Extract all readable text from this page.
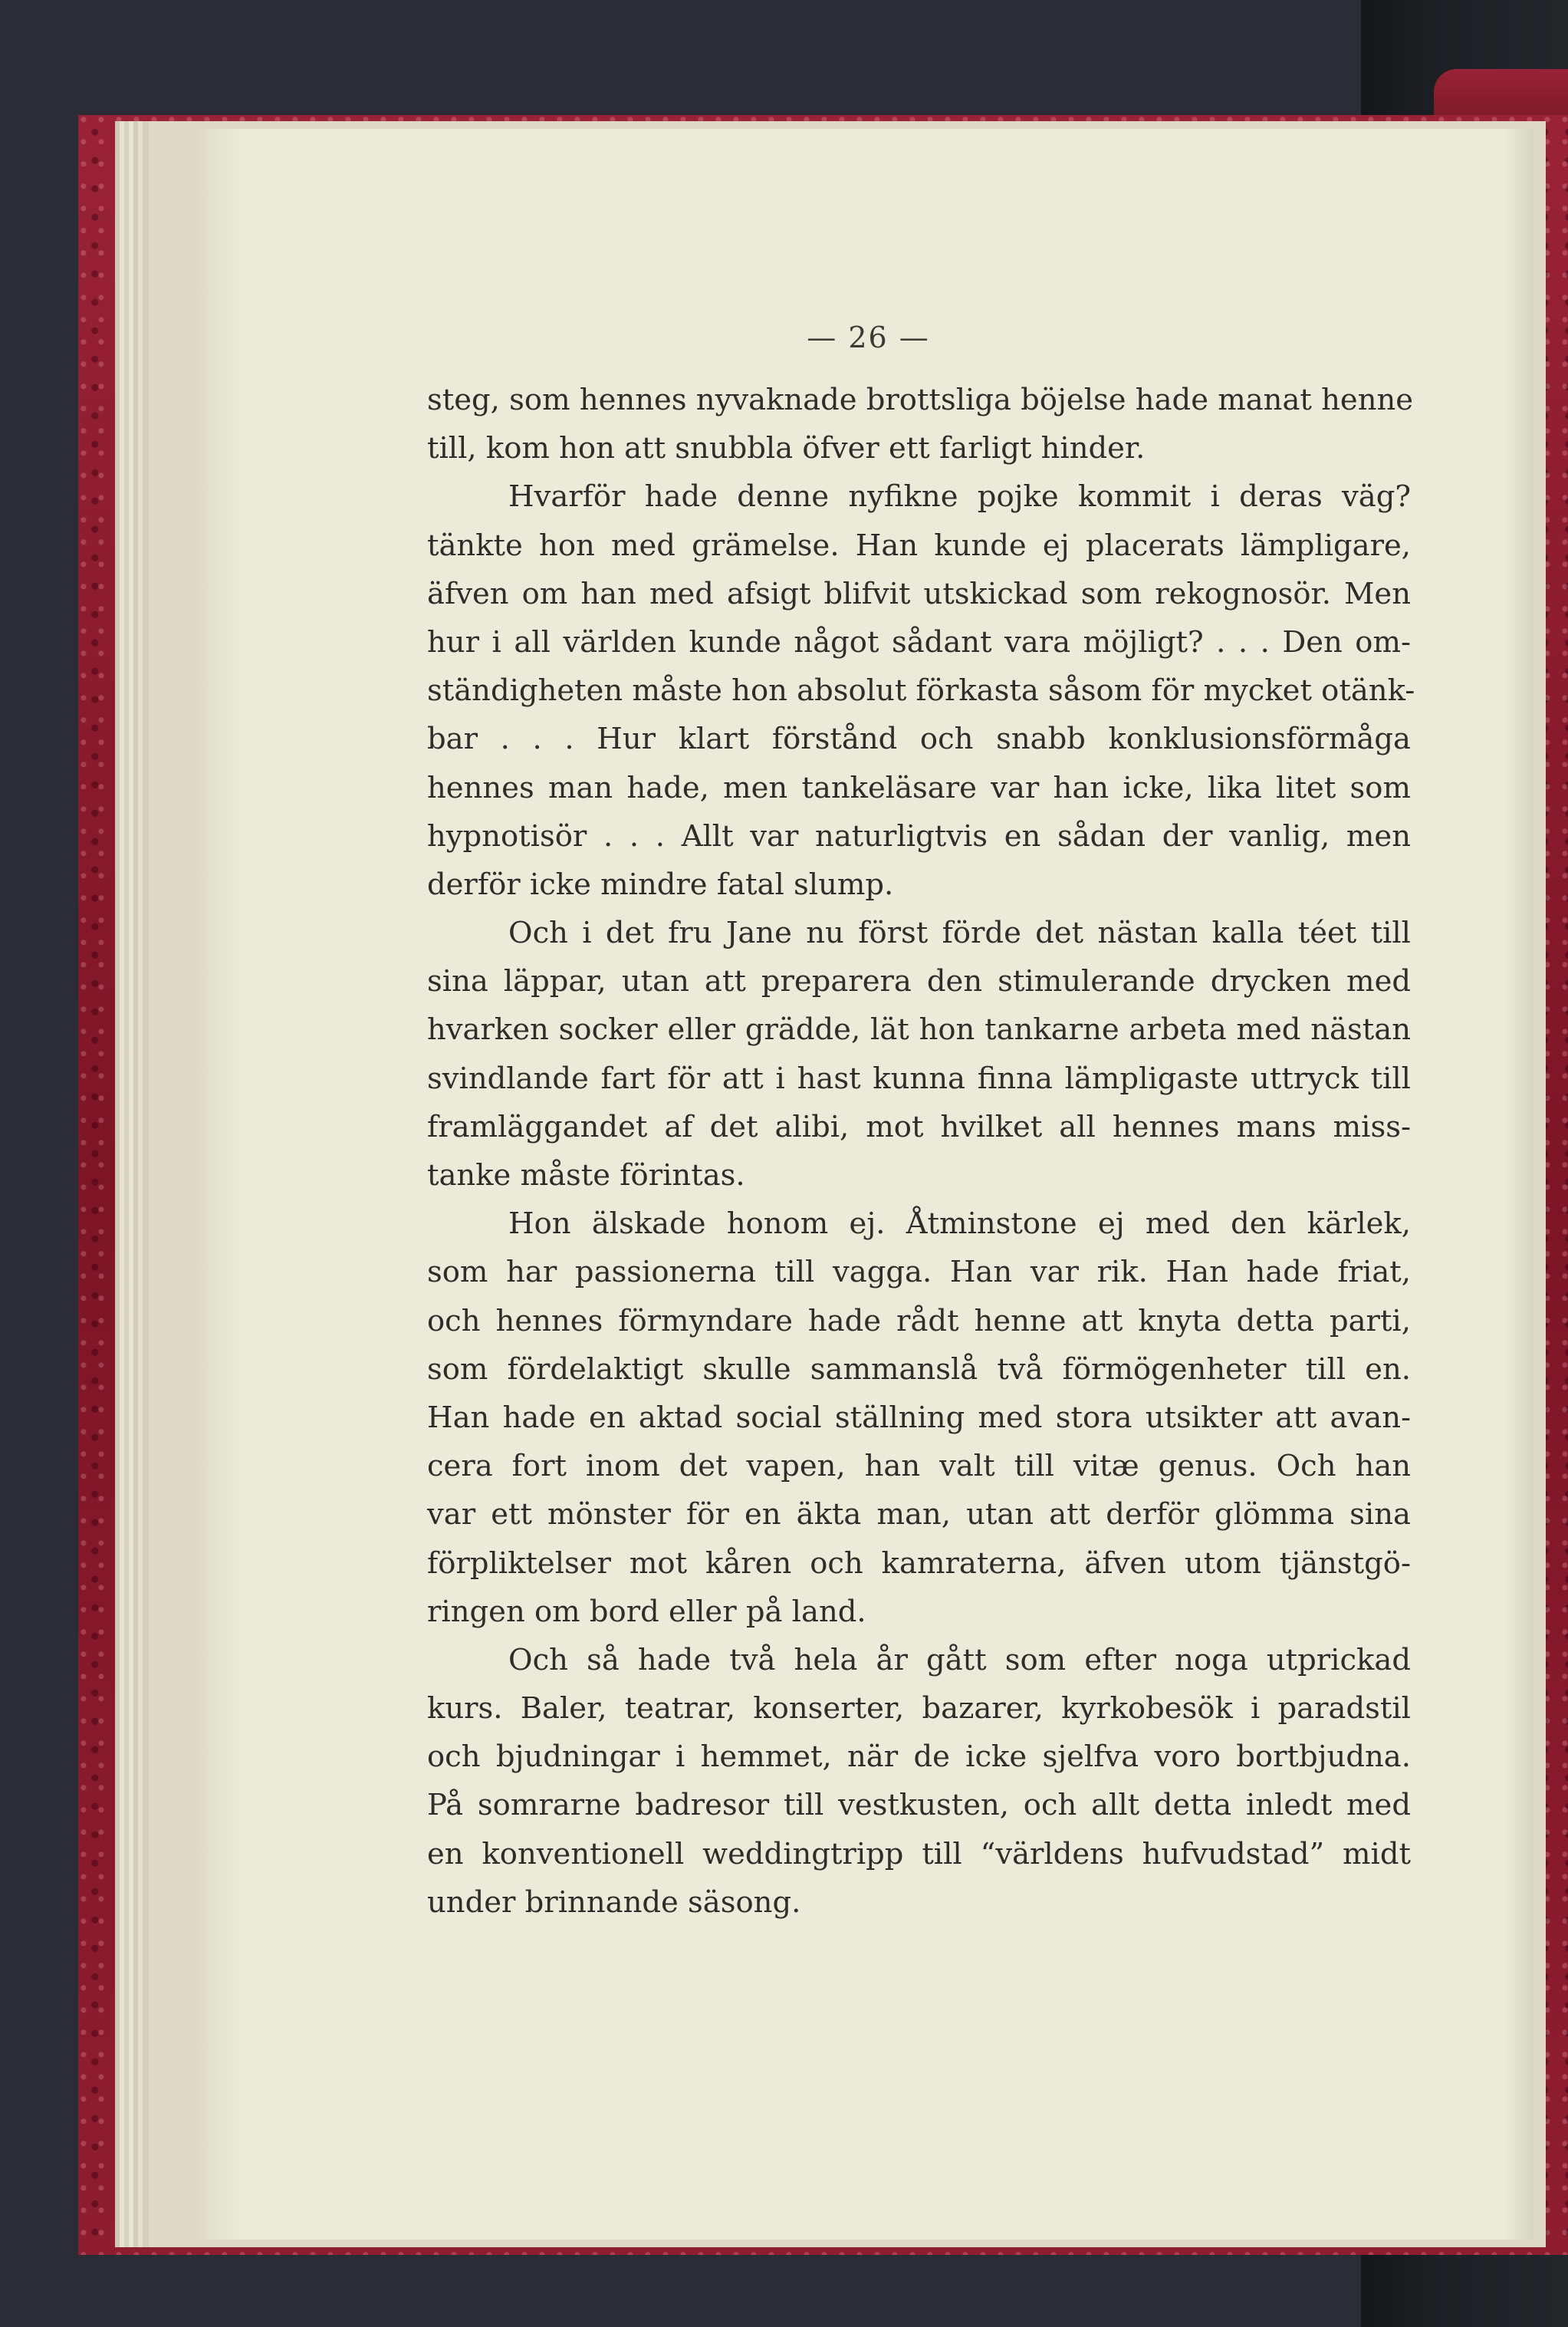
— 26 —
steg, som hennes nyvaknade brottsliga böjelse hade manat henne
till, kom hon att snubbla öfver ett farligt hinder.
Hvarför hade denne nyfikne pojke kommit i deras väg?
tänkte hon med grämelse. Han kunde ej placerats lämpligare,
äfven om han med afsigt blifvit utskickad som rekognosör. Men
hur i all världen kunde något sådant vara möjligt? . . . Den om-
ständigheten måste hon absolut förkasta såsom för mycket otänk-
bar . . . Hur klart förstånd och snabb konklusionsförmåga
hennes man hade, men tankeläsare var han icke, lika litet som
hypnotisör . . . Allt var naturligtvis en sådan der vanlig, men
derför icke mindre fatal slump.
Och i det fru Jane nu först förde det nästan kalla téet till
sina läppar, utan att preparera den stimulerande drycken med
hvarken socker eller grädde, lät hon tankarne arbeta med nästan
svindlande fart för att i hast kunna finna lämpligaste uttryck till
framläggandet af det alibi, mot hvilket all hennes mans miss-
tanke måste förintas.
Hon älskade honom ej. Åtminstone ej med den kärlek,
som har passionerna till vagga. Han var rik. Han hade friat,
och hennes förmyndare hade rådt henne att knyta detta parti,
som fördelaktigt skulle sammanslå två förmögenheter till en.
Han hade en aktad social ställning med stora utsikter att avan-
cera fort inom det vapen, han valt till vitæ genus. Och han
var ett mönster för en äkta man, utan att derför glömma sina
förpliktelser mot kåren och kamraterna, äfven utom tjänstgö-
ringen om bord eller på land.
Och så hade två hela år gått som efter noga utprickad
kurs. Baler, teatrar, konserter, bazarer, kyrkobesök i paradstil
och bjudningar i hemmet, när de icke sjelfva voro bortbjudna.
På somrarne badresor till vestkusten, och allt detta inledt med
en konventionell weddingtripp till “världens hufvudstad” midt
under brinnande säsong.
